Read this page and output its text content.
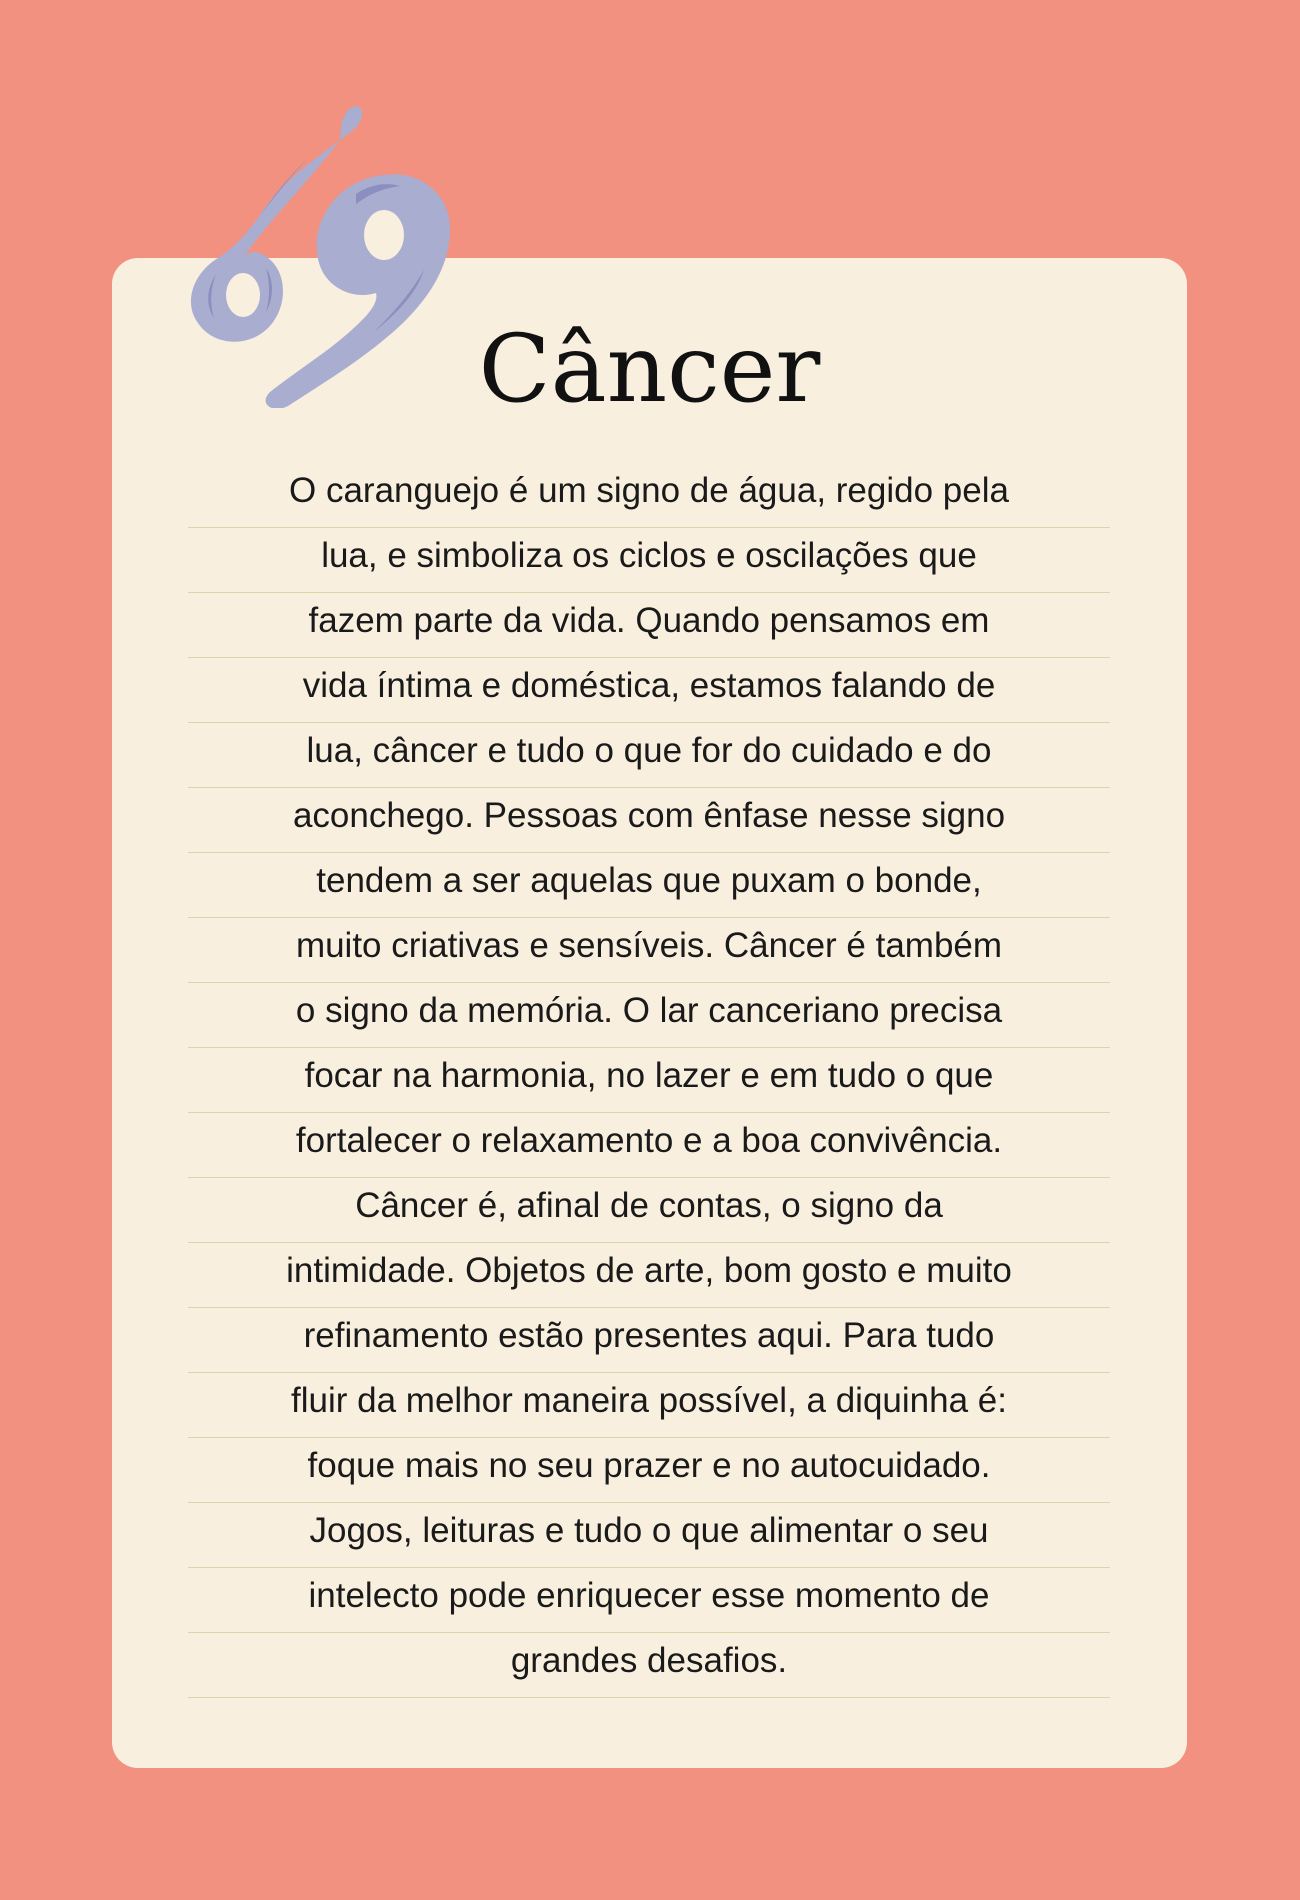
Câncer
O caranguejo é um signo de água, regido pela
lua, e simboliza os ciclos e oscilações que
fazem parte da vida. Quando pensamos em
vida íntima e doméstica, estamos falando de
lua, câncer e tudo o que for do cuidado e do
aconchego. Pessoas com ênfase nesse signo
tendem a ser aquelas que puxam o bonde,
muito criativas e sensíveis. Câncer é também
o signo da memória. O lar canceriano precisa
focar na harmonia, no lazer e em tudo o que
fortalecer o relaxamento e a boa convivência.
Câncer é, afinal de contas, o signo da
intimidade. Objetos de arte, bom gosto e muito
refinamento estão presentes aqui. Para tudo
fluir da melhor maneira possível, a diquinha é:
foque mais no seu prazer e no autocuidado.
Jogos, leituras e tudo o que alimentar o seu
intelecto pode enriquecer esse momento de
grandes desafios.
